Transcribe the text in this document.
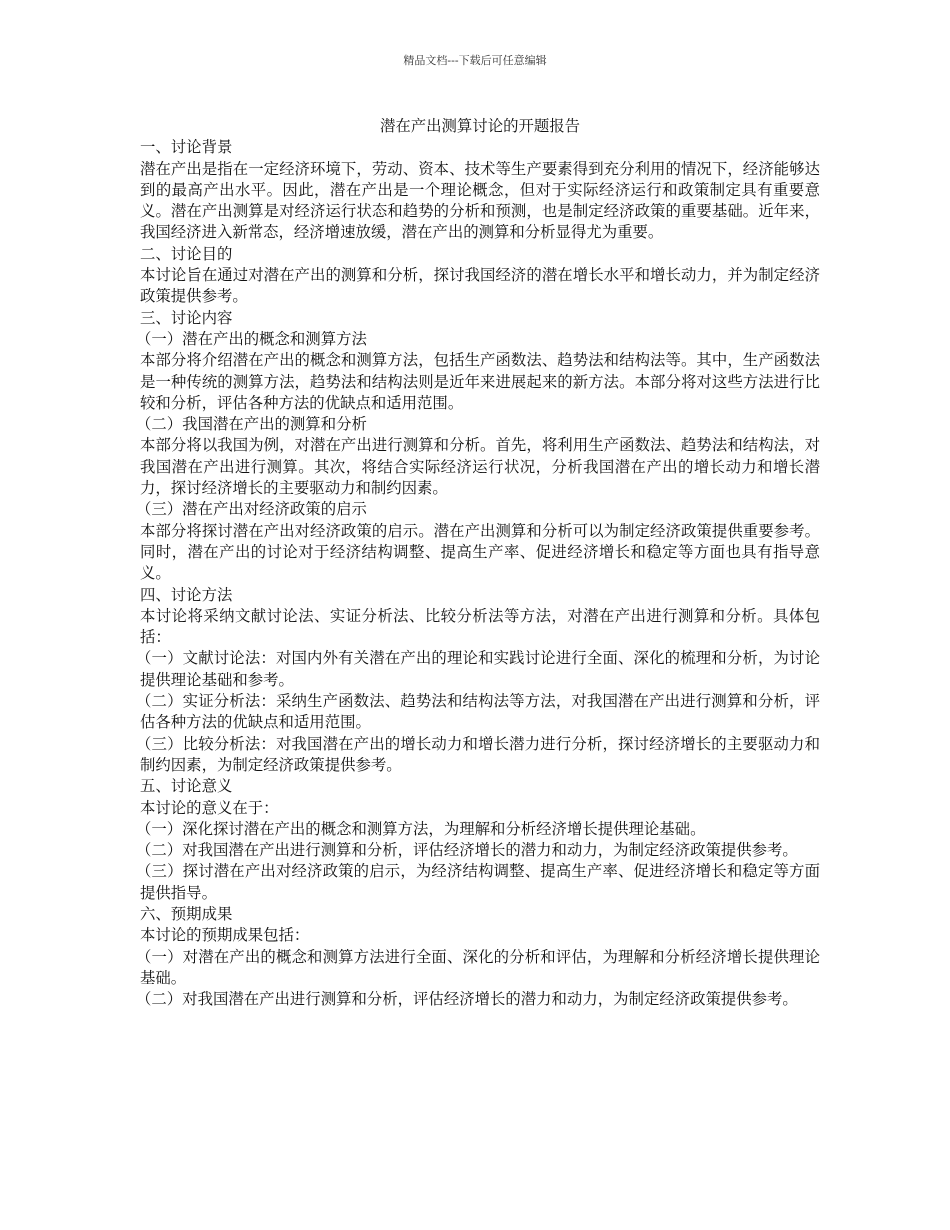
精品文档---下载后可任意编辑
潜在产出测算讨论的开题报告

一、讨论背景

潜在产出是指在一定经济环境下，劳动、资本、技术等生产要素得到充分利用的情况下，经济能够达到的最高产出水平。因此，潜在产出是一个理论概念，但对于实际经济运行和政策制定具有重要意义。潜在产出测算是对经济运行状态和趋势的分析和预测，也是制定经济政策的重要基础。近年来，我国经济进入新常态，经济增速放缓，潜在产出的测算和分析显得尤为重要。

二、讨论目的

本讨论旨在通过对潜在产出的测算和分析，探讨我国经济的潜在增长水平和增长动力，并为制定经济政策提供参考。

三、讨论内容

（一）潜在产出的概念和测算方法

本部分将介绍潜在产出的概念和测算方法，包括生产函数法、趋势法和结构法等。其中，生产函数法是一种传统的测算方法，趋势法和结构法则是近年来进展起来的新方法。本部分将对这些方法进行比较和分析，评估各种方法的优缺点和适用范围。

（二）我国潜在产出的测算和分析

本部分将以我国为例，对潜在产出进行测算和分析。首先，将利用生产函数法、趋势法和结构法，对我国潜在产出进行测算。其次，将结合实际经济运行状况，分析我国潜在产出的增长动力和增长潜力，探讨经济增长的主要驱动力和制约因素。

（三）潜在产出对经济政策的启示

本部分将探讨潜在产出对经济政策的启示。潜在产出测算和分析可以为制定经济政策提供重要参考。同时，潜在产出的讨论对于经济结构调整、提高生产率、促进经济增长和稳定等方面也具有指导意义。

四、讨论方法

本讨论将采纳文献讨论法、实证分析法、比较分析法等方法，对潜在产出进行测算和分析。具体包括：

（一）文献讨论法：对国内外有关潜在产出的理论和实践讨论进行全面、深化的梳理和分析，为讨论提供理论基础和参考。

（二）实证分析法：采纳生产函数法、趋势法和结构法等方法，对我国潜在产出进行测算和分析，评估各种方法的优缺点和适用范围。

（三）比较分析法：对我国潜在产出的增长动力和增长潜力进行分析，探讨经济增长的主要驱动力和制约因素，为制定经济政策提供参考。

五、讨论意义

本讨论的意义在于：

（一）深化探讨潜在产出的概念和测算方法，为理解和分析经济增长提供理论基础。

（二）对我国潜在产出进行测算和分析，评估经济增长的潜力和动力，为制定经济政策提供参考。

（三）探讨潜在产出对经济政策的启示，为经济结构调整、提高生产率、促进经济增长和稳定等方面提供指导。

六、预期成果

本讨论的预期成果包括：

（一）对潜在产出的概念和测算方法进行全面、深化的分析和评估，为理解和分析经济增长提供理论基础。

（二）对我国潜在产出进行测算和分析，评估经济增长的潜力和动力，为制定经济政策提供参考。
